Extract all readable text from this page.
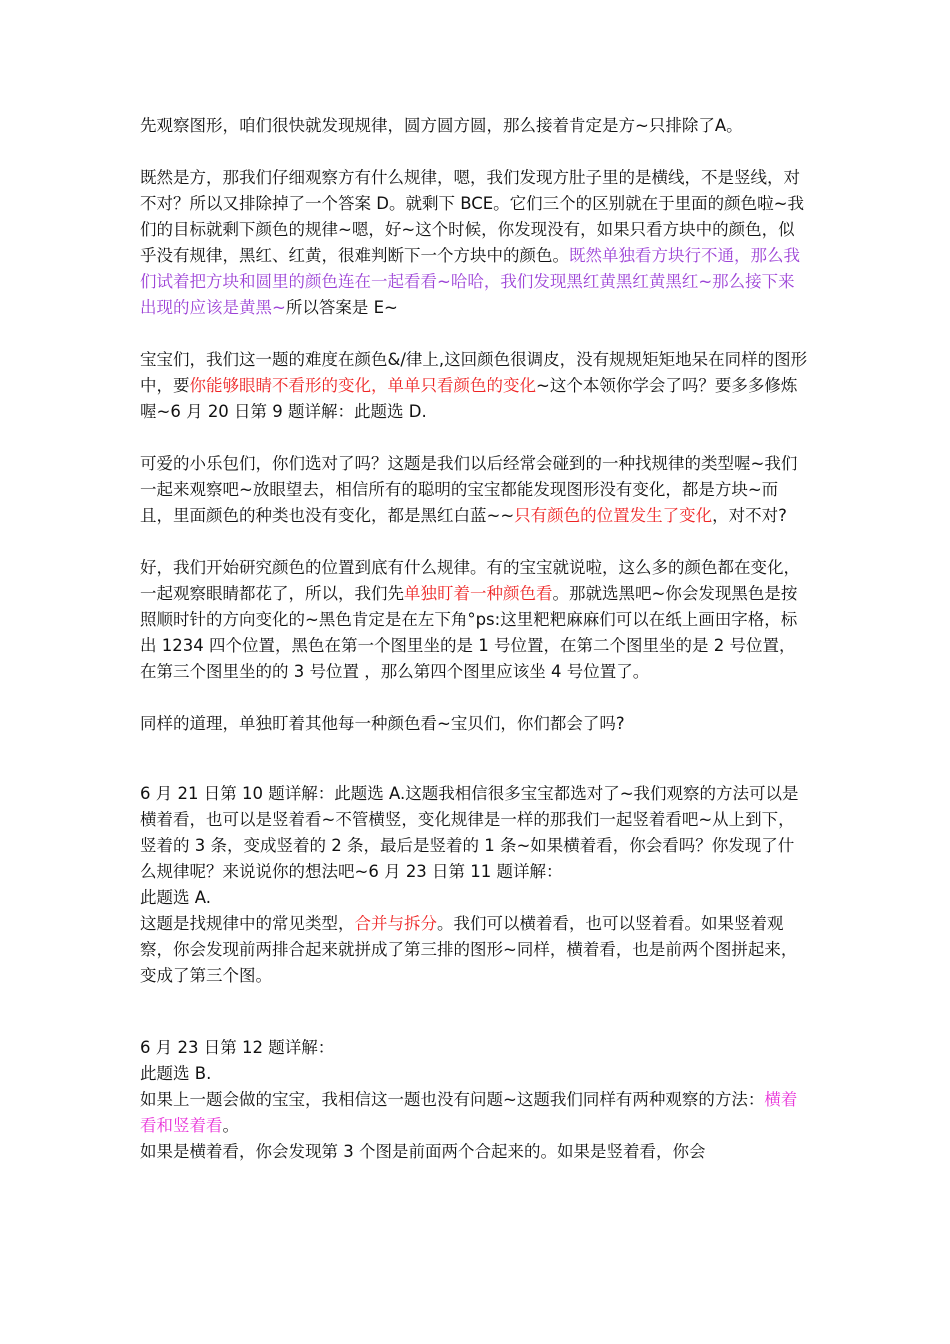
先观察图形，咱们很快就发现规律，圆方圆方圆，那么接着肯定是方~只排除了A。

既然是方，那我们仔细观察方有什么规律，嗯，我们发现方肚子里的是横线，不是竖线，对不对？所以又排除掉了一个答案 D。就剩下 BCE。它们三个的区别就在于里面的颜色啦~我们的目标就剩下颜色的规律~嗯，好~这个时候，你发现没有，如果只看方块中的颜色，似乎没有规律，黑红、红黄，很难判断下一个方块中的颜色。既然单独看方块行不通，那么我们试着把方块和圆里的颜色连在一起看看~哈哈，我们发现黑红黄黑红黄黑红~那么接下来出现的应该是黄黑~所以答案是 E~

宝宝们，我们这一题的难度在颜色&/律上,这回颜色很调皮，没有规规矩矩地呆在同样的图形中，要你能够眼睛不看形的变化，单单只看颜色的变化~这个本领你学会了吗？要多多修炼喔~6 月 20 日第 9 题详解：此题选 D.

可爱的小乐包们，你们选对了吗？这题是我们以后经常会碰到的一种找规律的类型喔~我们一起来观察吧~放眼望去，相信所有的聪明的宝宝都能发现图形没有变化，都是方块~而且，里面颜色的种类也没有变化，都是黑红白蓝~~只有颜色的位置发生了变化，对不对?

好，我们开始研究颜色的位置到底有什么规律。有的宝宝就说啦，这么多的颜色都在变化，一起观察眼睛都花了，所以，我们先单独盯着一种颜色看。那就选黑吧~你会发现黑色是按照顺时针的方向变化的~黑色肯定是在左下角°ps:这里粑粑麻麻们可以在纸上画田字格，标出 1234 四个位置，黑色在第一个图里坐的是 1 号位置，在第二个图里坐的是 2 号位置，在第三个图里坐的的 3 号位置 ，那么第四个图里应该坐 4 号位置了。

同样的道理，单独盯着其他每一种颜色看~宝贝们，你们都会了吗?

6 月 21 日第 10 题详解：此题选 A.这题我相信很多宝宝都选对了~我们观察的方法可以是横着看，也可以是竖着看~不管横竖，变化规律是一样的那我们一起竖着看吧~从上到下，竖着的 3 条，变成竖着的 2 条，最后是竖着的 1 条~如果横着看，你会看吗？你发现了什么规律呢？来说说你的想法吧~6 月 23 日第 11 题详解：

此题选 A.

这题是找规律中的常见类型，合并与拆分。我们可以横着看，也可以竖着看。如果竖着观察，你会发现前两排合起来就拼成了第三排的图形~同样，横着看，也是前两个图拼起来，变成了第三个图。

6 月 23 日第 12 题详解：

此题选 B.

如果上一题会做的宝宝，我相信这一题也没有问题~这题我们同样有两种观察的方法：横着看和竖着看。

如果是横着看，你会发现第 3 个图是前面两个合起来的。如果是竖着看，你会
